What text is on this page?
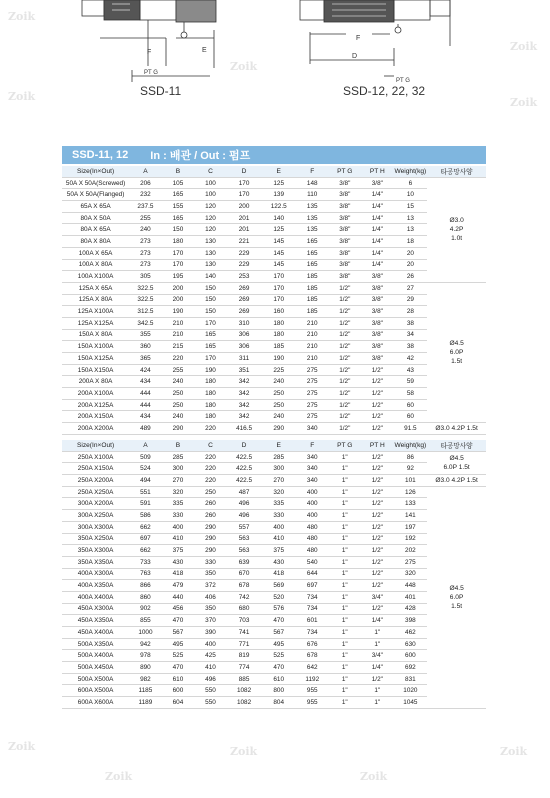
F	E
PT G
F
D
PT G
SSD-11	SSD-12, 22, 32
Zoik
Zoik
Zoik	Zoik
Zoik
Zoik
Zoik
Zoik
Zoik
Zoik
SSD-11, 12 In : 배관 / Out : 펌프
Size(In×Out)	A	B	C	D	E	F	PT G	PT H	Weight(kg)	타공망사양
50A X 50A(Screwed)	206	105	100	170	125	148	3/8"	3/8"	6	Ø3.0
4.2P
1.0t
50A X 50A(Flanged)	232	165	100	170	139	110	3/8"	1/4"	10	
65A X 65A	237.5	155	120	200	122.5	135	3/8"	1/4"	15	
80A X 50A	255	165	120	201	140	135	3/8"	1/4"	13	
80A X 65A	240	150	120	201	125	135	3/8"	1/4"	13	
80A X 80A	273	180	130	221	145	165	3/8"	1/4"	18	
100A X 65A	273	170	130	229	145	165	3/8"	1/4"	20	
100A X 80A	273	170	130	229	145	165	3/8"	1/4"	20	
100A X100A	305	195	140	253	170	185	3/8"	3/8"	26	
125A X 65A	322.5	200	150	269	170	185	1/2"	3/8"	27	Ø4.5
6.0P
1.5t
125A X 80A	322.5	200	150	269	170	185	1/2"	3/8"	29	
125A X100A	312.5	190	150	269	160	185	1/2"	3/8"	28	
125A X125A	342.5	210	170	310	180	210	1/2"	3/8"	38	
150A X 80A	355	210	165	306	180	210	1/2"	3/8"	34	
150A X100A	360	215	165	306	185	210	1/2"	3/8"	38	
150A X125A	365	220	170	311	190	210	1/2"	3/8"	42	
150A X150A	424	255	190	351	225	275	1/2"	1/2"	43	
200A X 80A	434	240	180	342	240	275	1/2"	1/2"	59	
200A X100A	444	250	180	342	250	275	1/2"	1/2"	58	
200A X125A	444	250	180	342	250	275	1/2"	1/2"	60	
200A X150A	434	240	180	342	240	275	1/2"	1/2"	60	
200A X200A	489	290	220	416.5	290	340	1/2"	1/2"	91.5	Ø3.0 4.2P 1.5t
Size(In×Out)	A	B	C	D	E	F	PT G	PT H	Weight(kg)	타공망사양
250A X100A	509	285	220	422.5	285	340	1"	1/2"	86	Ø4.5
6.0P 1.5t
250A X150A	524	300	220	422.5	300	340	1"	1/2"	92	
250A X200A	494	270	220	422.5	270	340	1"	1/2"	101	Ø3.0 4.2P 1.5t
250A X250A	551	320	250	487	320	400	1"	1/2"	126	Ø4.5
6.0P
1.5t
300A X200A	591	335	260	496	335	400	1"	1/2"	133	
300A X250A	586	330	260	496	330	400	1"	1/2"	141	
300A X300A	662	400	290	557	400	480	1"	1/2"	197	
350A X250A	697	410	290	563	410	480	1"	1/2"	192	
350A X300A	662	375	290	563	375	480	1"	1/2"	202	
350A X350A	733	430	330	639	430	540	1"	1/2"	275	
400A X300A	763	418	350	670	418	644	1"	1/2"	320	
400A X350A	866	479	372	678	569	697	1"	1/2"	448	
400A X400A	860	440	406	742	520	734	1"	3/4"	401	
450A X300A	902	456	350	680	576	734	1"	1/2"	428	
450A X350A	855	470	370	703	470	601	1"	1/4"	398	
450A X400A	1000	567	390	741	567	734	1"	1"	462	
500A X350A	942	495	400	771	495	676	1"	1"	630	
500A X400A	978	525	425	819	525	678	1"	3/4"	600	
500A X450A	890	470	410	774	470	642	1"	1/4"	692	
500A X500A	982	610	496	885	610	1192	1"	1/2"	831	
600A X500A	1185	600	550	1082	800	955	1"	1"	1020	
600A X600A	1189	604	550	1082	804	955	1"	1"	1045	
